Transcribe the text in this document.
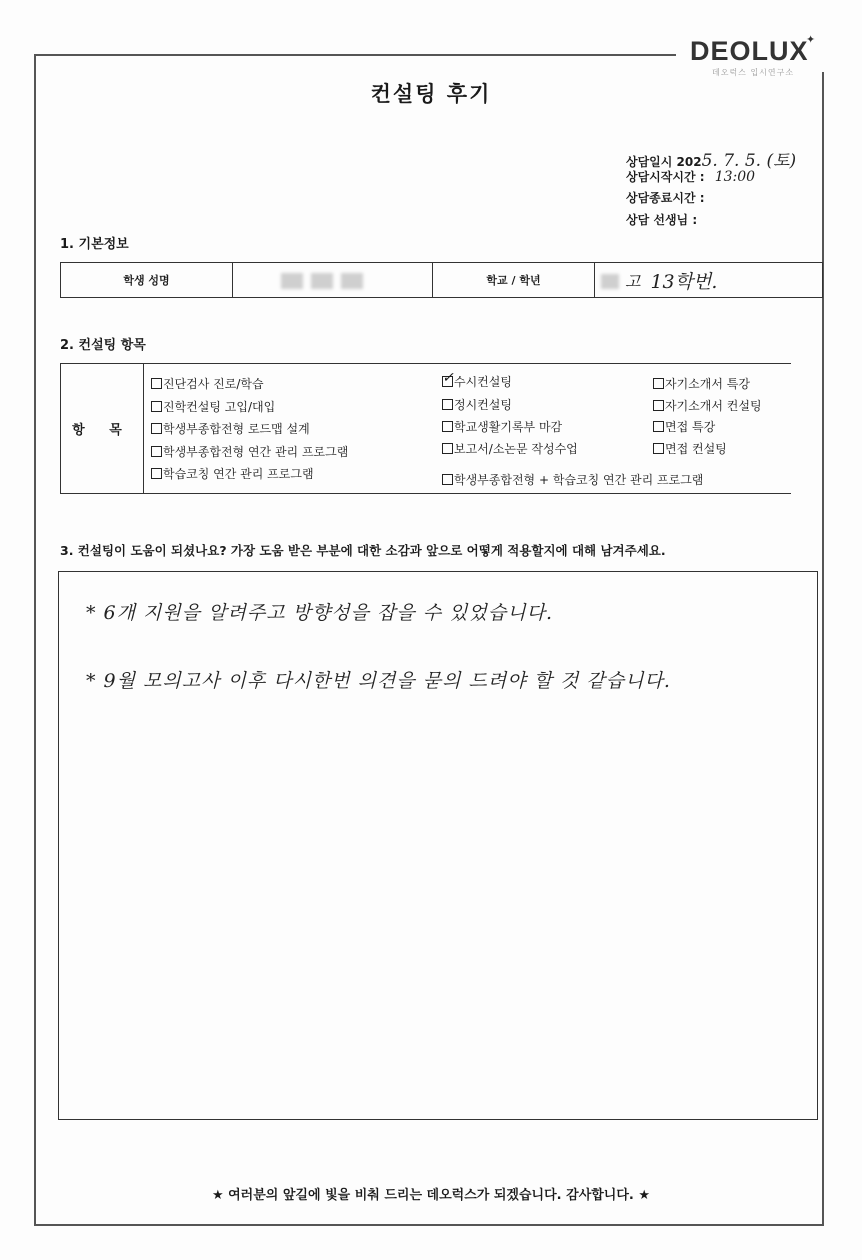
DEOLUX
✦
데오럭스 입시연구소
컨설팅 후기
상담일시 2025. 7. 5. (토)
상담시작시간 : 13:00
상담종료시간 :
상담 선생님 :
1. 기본정보
학생 성명	학교 / 학년	고 13학번.
2. 컨설팅 항목
항 목
진단검사 진로/학습
진학컨설팅 고입/대입
학생부종합전형 로드맵 설계
학생부종합전형 연간 관리 프로그램
학습코칭 연간 관리 프로그램
✓ 수시컨설팅
정시컨설팅
학교생활기록부 마감
보고서/소논문 작성수업
학생부종합전형 + 학습코칭 연간 관리 프로그램
자기소개서 특강
자기소개서 컨설팅
면접 특강
면접 컨설팅
3. 컨설팅이 도움이 되셨나요? 가장 도움 받은 부분에 대한 소감과 앞으로 어떻게 적용할지에 대해 남겨주세요.
* 6개 지원을 알려주고 방향성을 잡을 수 있었습니다.
* 9월 모의고사 이후 다시한번 의견을 묻의 드려야 할 것 같습니다.
★ 여러분의 앞길에 빛을 비춰 드리는 데오럭스가 되겠습니다. 감사합니다. ★
